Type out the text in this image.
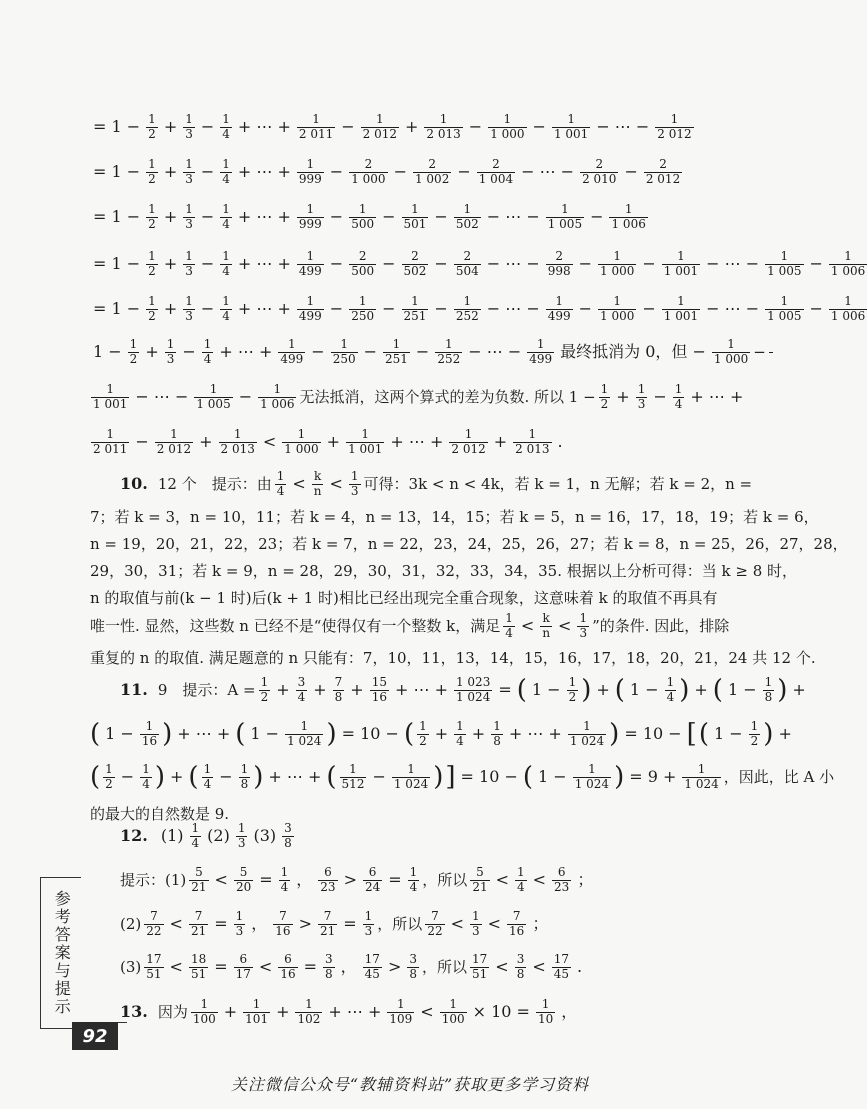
= $1 - \frac{1}{2} + \frac{1}{3} - \frac{1}{4}$ + ⋯ + $\frac{1}{2 011} - \frac{1}{2 012} + \frac{1}{2 013} - \frac{1}{1 000} - \frac{1}{1 001}$ − ⋯ − $\frac{1}{2 012}$
= $1 - \frac{1}{2} + \frac{1}{3} - \frac{1}{4}$ + ⋯ + $\frac{1}{999} - \frac{2}{1 000} - \frac{2}{1 002} - \frac{2}{1 004}$ − ⋯ − $\frac{2}{2 010} - \frac{2}{2 012}$
= $1 - \frac{1}{2} + \frac{1}{3} - \frac{1}{4}$ + ⋯ + $\frac{1}{999} - \frac{1}{500} - \frac{1}{501} - \frac{1}{502}$ − ⋯ − $\frac{1}{1 005} - \frac{1}{1 006}$
= $1 - \frac{1}{2} + \frac{1}{3} - \frac{1}{4}$ + ⋯ + $\frac{1}{499} - \frac{2}{500} - \frac{2}{502} - \frac{2}{504}$ − ⋯ − $\frac{2}{998} - \frac{1}{1 000} - \frac{1}{1 001}$ − ⋯ − $\frac{1}{1 005} - \frac{1}{1 006}$
= $1 - \frac{1}{2} + \frac{1}{3} - \frac{1}{4}$ + ⋯ + $\frac{1}{499} - \frac{1}{250} - \frac{1}{251} - \frac{1}{252}$ − ⋯ − $\frac{1}{499} - \frac{1}{1 000} - \frac{1}{1 001}$ − ⋯ − $\frac{1}{1 005} - \frac{1}{1 006}$
$1 - \frac{1}{2} + \frac{1}{3} - \frac{1}{4}$ + ⋯ + $\frac{1}{499} - \frac{1}{250} - \frac{1}{251} - \frac{1}{252}$ − ⋯ − $\frac{1}{499}$ 最终抵消为 0，但 − $\frac{1}{1 000}$ −
$\frac{1}{1 001}$ − ⋯ − $\frac{1}{1 005} - \frac{1}{1 006}$ 无法抵消，这两个算式的差为负数. 所以 $1 - \frac{1}{2} + \frac{1}{3} - \frac{1}{4}$ + ⋯ +
$\frac{1}{2 011} - \frac{1}{2 012} + \frac{1}{2 013} < \frac{1}{1 000} + \frac{1}{1 001}$ + ⋯ + $\frac{1}{2 012} + \frac{1}{2 013}$ .
10. 12 个　提示：由 $\frac{1}{4} < \frac{k}{n} < \frac{1}{3}$ 可得：3k < n < 4k，若 k = 1，n 无解；若 k = 2，n =
7；若 k = 3，n = 10，11；若 k = 4，n = 13，14，15；若 k = 5，n = 16，17，18，19；若 k = 6，
n = 19，20，21，22，23；若 k = 7，n = 22，23，24，25，26，27；若 k = 8，n = 25，26，27，28，
29，30，31；若 k = 9，n = 28，29，30，31，32，33，34，35. 根据以上分析可得：当 k ≥ 8 时，
n 的取值与前(k − 1 时)后(k + 1 时)相比已经出现完全重合现象，这意味着 k 的取值不再具有
唯一性. 显然，这些数 n 已经不是“使得仅有一个整数 k，满足 $\frac{1}{4} < \frac{k}{n} < \frac{1}{3}$ ”的条件. 因此，排除
重复的 n 的取值. 满足题意的 n 只能有：7，10，11，13，14，15，16，17，18，20，21，24 共 12 个.
11. 9　提示：$A = \frac{1}{2} + \frac{3}{4} + \frac{7}{8} + \frac{15}{16}$ + ⋯ + $\frac{1 023}{1 024}$ = ( $1 - \frac{1}{2}$ ) + ( $1 - \frac{1}{4}$ ) + ( $1 - \frac{1}{8}$ ) +
( $1 - \frac{1}{16}$ ) + ⋯ + ( $1 - \frac{1}{1 024}$ ) = 10 − ( $\frac{1}{2} + \frac{1}{4} + \frac{1}{8}$ + ⋯ + $\frac{1}{1 024}$ ) = 10 − [ ( $1 - \frac{1}{2}$ ) +
( $\frac{1}{2} - \frac{1}{4}$ ) + ( $\frac{1}{4} - \frac{1}{8}$ ) + ⋯ + ( $\frac{1}{512} - \frac{1}{1 024}$ ) ] = 10 − ( $1 - \frac{1}{1 024}$ ) = $9 + \frac{1}{1 024}$ ，因此，比 A 小
的最大的自然数是 9.
12. $(1) \frac{1}{4} (2) \frac{1}{3} (3) \frac{3}{8}$
提示：$(1) \frac{5}{21} < \frac{5}{20} = \frac{1}{4}$ ， $\frac{6}{23} > \frac{6}{24} = \frac{1}{4}$ ，所以 $\frac{5}{21} < \frac{1}{4} < \frac{6}{23}$ ；
$(2) \frac{7}{22} < \frac{7}{21} = \frac{1}{3}$ ， $\frac{7}{16} > \frac{7}{21} = \frac{1}{3}$ ，所以 $\frac{7}{22} < \frac{1}{3} < \frac{7}{16}$ ；
$(3) \frac{17}{51} < \frac{18}{51} = \frac{6}{17} < \frac{6}{16} = \frac{3}{8}$ ， $\frac{17}{45} > \frac{3}{8}$ ，所以 $\frac{17}{51} < \frac{3}{8} < \frac{17}{45}$ .
13. 因为 $\frac{1}{100} + \frac{1}{101} + \frac{1}{102}$ + ⋯ + $\frac{1}{109} < \frac{1}{100} \times 10 = \frac{1}{10}$ ，
参考答案与提示
92
关注微信公众号“教辅资料站”获取更多学习资料
